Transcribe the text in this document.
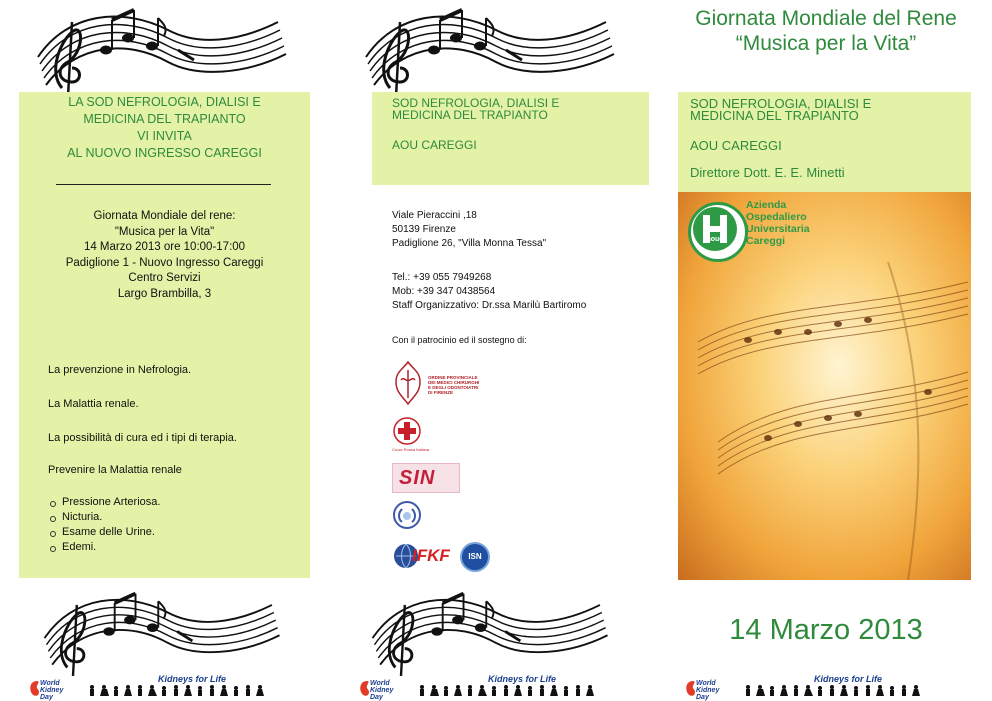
LA SOD NEFROLOGIA, DIALISI E
MEDICINA DEL TRAPIANTO
VI INVITA
AL NUOVO INGRESSO CAREGGI
Giornata Mondiale del rene:
"Musica per la Vita"
14 Marzo 2013 ore 10:00-17:00
Padiglione 1 - Nuovo Ingresso Careggi
Centro Servizi
Largo Brambilla, 3
La prevenzione in Nefrologia.
La Malattia renale.
La possibilità di cura ed i tipi di terapia.
Prevenire la Malattia renale
Pressione Arteriosa.
Nicturia.
Esame delle Urine.
Edemi.
World
Kidney
Day
Kidneys for Life
SOD NEFROLOGIA, DIALISI E
MEDICINA DEL TRAPIANTO
AOU CAREGGI
Viale Pieraccini ,18
50139 Firenze
Padiglione 26, "Villa Monna Tessa"
Tel.: +39 055 7949268
Mob: +39 347 0438564
Staff Organizzativo: Dr.ssa Marilù Bartiromo
Con il patrocinio ed il sostegno di:
ORDINE PROVINCIALE
DEI MEDICI CHIRURGHI
E DEGLI ODONTOIATRI
DI FIRENZE
Croce Rossa Italiana
SIN
IFKF	ISN
World
Kidney
Day
Kidneys for Life
Giornata Mondiale del Rene
“Musica per la Vita”
SOD NEFROLOGIA, DIALISI E
MEDICINA DEL TRAPIANTO
AOU CAREGGI
Direttore Dott. E. E. Minetti
aouc
Azienda
Ospedaliero
Universitaria
Careggi
14 Marzo 2013
World
Kidney
Day
Kidneys for Life
